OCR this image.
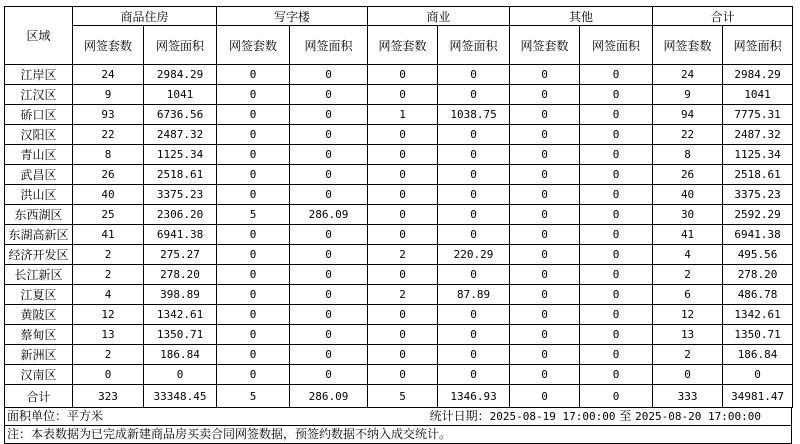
区域	商品住房		写字楼		商业		其他		合计	
	网签套数	网签面积	网签套数	网签面积	网签套数	网签面积	网签套数	网签面积	网签套数	网签面积
江岸区	24	2984.29	0	0	0	0	0	0	24	2984.29
江汉区	9	1041	0	0	0	0	0	0	9	1041
硚口区	93	6736.56	0	0	1	1038.75	0	0	94	7775.31
汉阳区	22	2487.32	0	0	0	0	0	0	22	2487.32
青山区	8	1125.34	0	0	0	0	0	0	8	1125.34
武昌区	26	2518.61	0	0	0	0	0	0	26	2518.61
洪山区	40	3375.23	0	0	0	0	0	0	40	3375.23
东西湖区	25	2306.20	5	286.09	0	0	0	0	30	2592.29
东湖高新区	41	6941.38	0	0	0	0	0	0	41	6941.38
经济开发区	2	275.27	0	0	2	220.29	0	0	4	495.56
长江新区	2	278.20	0	0	0	0	0	0	2	278.20
江夏区	4	398.89	0	0	2	87.89	0	0	6	486.78
黄陂区	12	1342.61	0	0	0	0	0	0	12	1342.61
蔡甸区	13	1350.71	0	0	0	0	0	0	13	1350.71
新洲区	2	186.84	0	0	0	0	0	0	2	186.84
汉南区	0	0	0	0	0	0	0	0	0	0
合计	323	33348.45	5	286.09	5	1346.93	0	0	333	34981.47
面积单位：平方米	统计日期：2025-08-19 17:00:00 至 2025-08-20 17:00:00
注：本表数据为已完成新建商品房买卖合同网签数据，预签约数据不纳入成交统计。
